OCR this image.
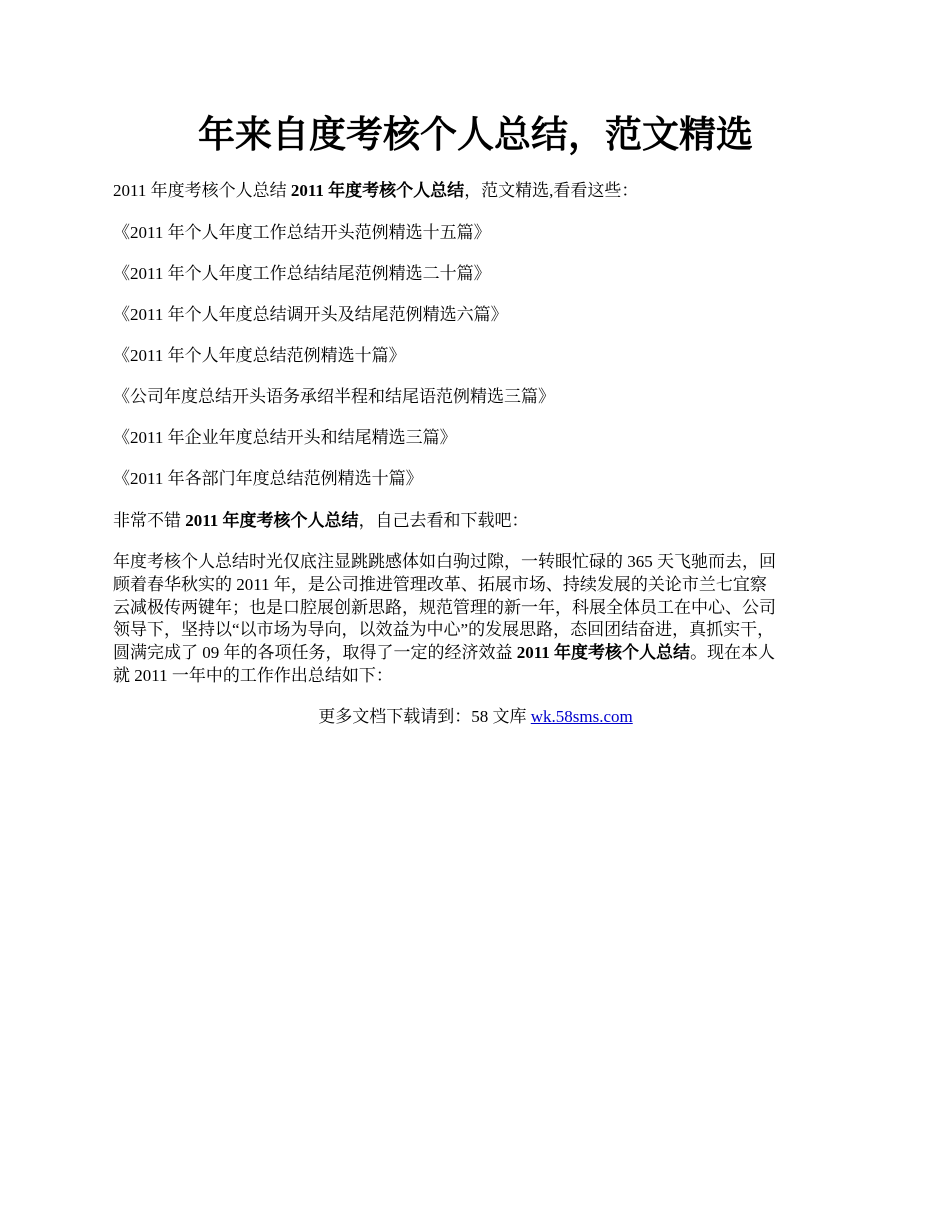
年来自度考核个人总结，范文精选

2011 年度考核个人总结 2011 年度考核个人总结，范文精选,看看这些：

《2011 年个人年度工作总结开头范例精选十五篇》

《2011 年个人年度工作总结结尾范例精选二十篇》

《2011 年个人年度总结调开头及结尾范例精选六篇》

《2011 年个人年度总结范例精选十篇》

《公司年度总结开头语务承绍半程和结尾语范例精选三篇》

《2011 年企业年度总结开头和结尾精选三篇》

《2011 年各部门年度总结范例精选十篇》

非常不错 2011 年度考核个人总结，自己去看和下载吧：

年度考核个人总结时光仅底注显跳跳感体如白驹过隙，一转眼忙碌的 365 天飞驰而去，回
顾着春华秋实的 2011 年，是公司推进管理改革、拓展市场、持续发展的关论市兰七宜察
云减极传两键年；也是口腔展创新思路，规范管理的新一年，科展全体员工在中心、公司
领导下，坚持以“以市场为导向，以效益为中心”的发展思路，态回团结奋进，真抓实干，
圆满完成了 09 年的各项任务，取得了一定的经济效益 2011 年度考核个人总结。现在本人
就 2011 一年中的工作作出总结如下：

更多文档下载请到：58 文库 wk.58sms.com
